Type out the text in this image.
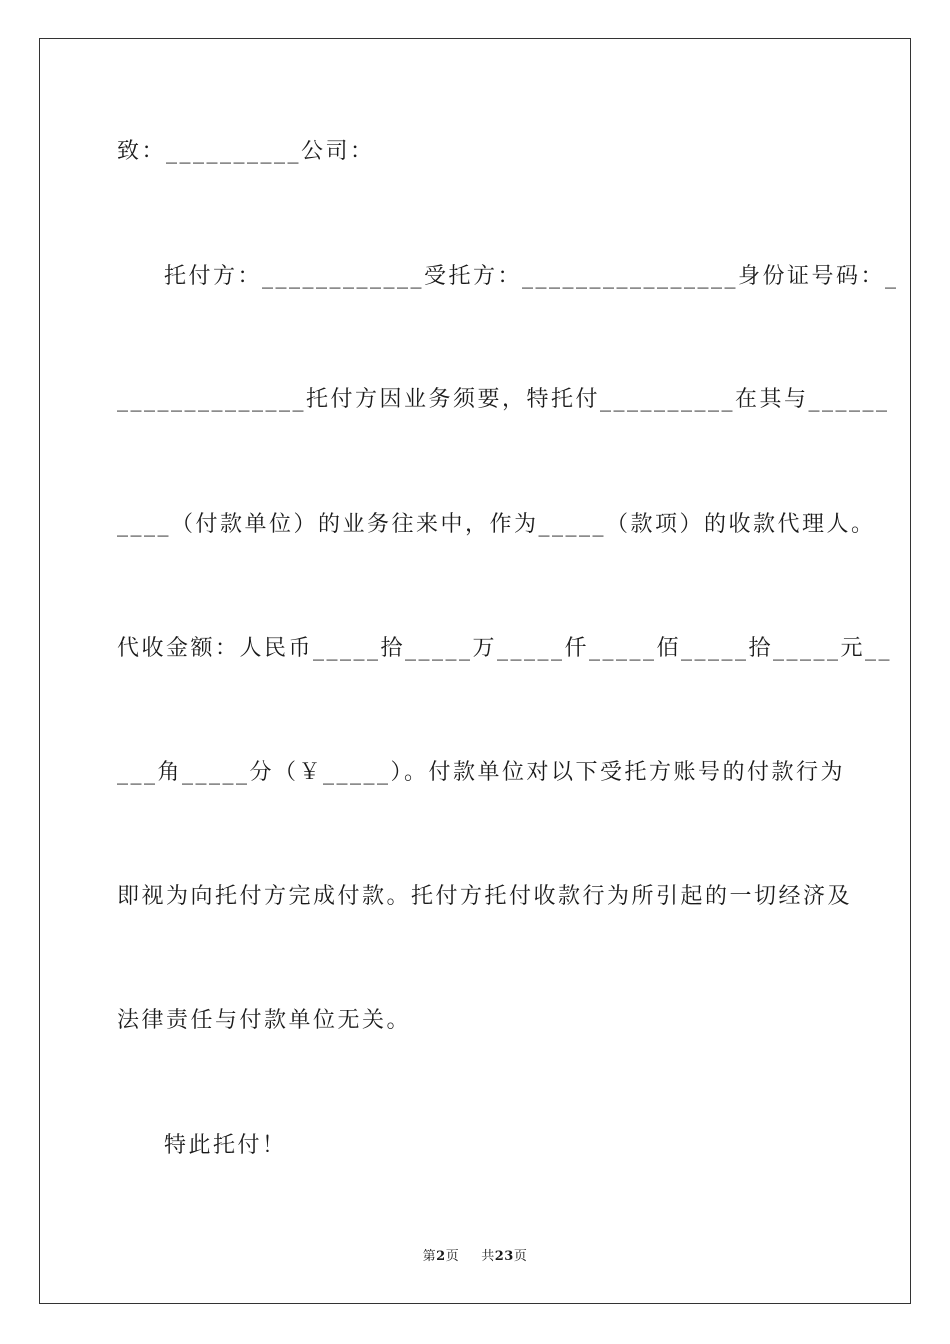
致：__________公司：
托付方：____________受托方：________________身份证号码：_
______________托付方因业务须要，特托付__________在其与______
____（付款单位）的业务往来中，作为_____（款项）的收款代理人。
代收金额：人民币_____拾_____万_____仟_____佰_____拾_____元__
___角_____分（￥_____）。付款单位对以下受托方账号的付款行为
即视为向托付方完成付款。托付方托付收款行为所引起的一切经济及
法律责任与付款单位无关。
特此托付！
第2页 共23页
